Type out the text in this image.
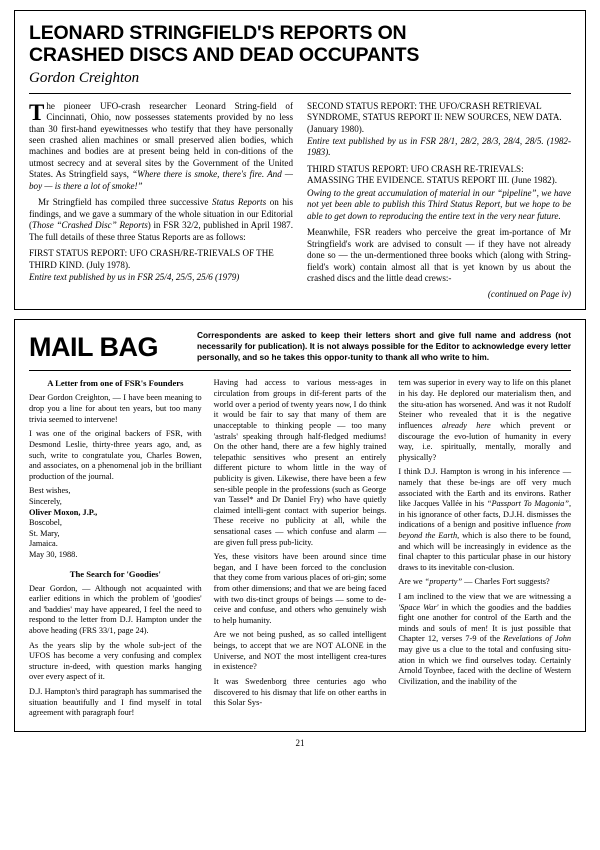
LEONARD STRINGFIELD'S REPORTS ON
CRASHED DISCS AND DEAD OCCUPANTS
Gordon Creighton

The pioneer UFO-crash researcher Leonard String-field of Cincinnati, Ohio, now possesses statements provided by no less than 30 first-hand eyewitnesses who testify that they have personally seen crashed alien machines or small preserved alien bodies, which machines and bodies are at present being held in con-ditions of the utmost secrecy and at several sites by the Government of the United States. As Stringfield says, “Where there is smoke, there's fire. And — boy — is there a lot of smoke!”

Mr Stringfield has compiled three successive Status Reports on his findings, and we gave a summary of the whole situation in our Editorial (Those “Crashed Disc” Reports) in FSR 32/2, published in April 1987. The full details of these three Status Reports are as follows:

FIRST STATUS REPORT: UFO CRASH/RE-TRIEVALS OF THE THIRD KIND. (July 1978).

Entire text published by us in FSR 25/4, 25/5, 25/6 (1979)

SECOND STATUS REPORT: THE UFO/CRASH RETRIEVAL SYNDROME, STATUS REPORT II: NEW SOURCES, NEW DATA. (January 1980).

Entire text published by us in FSR 28/1, 28/2, 28/3, 28/4, 28/5. (1982-1983).

THIRD STATUS REPORT: UFO CRASH RE-TRIEVALS: AMASSING THE EVIDENCE. STATUS REPORT III. (June 1982).

Owing to the great accumulation of material in our “pipeline”, we have not yet been able to publish this Third Status Report, but we hope to be able to get down to reproducing the entire text in the very near future.

Meanwhile, FSR readers who perceive the great im-portance of Mr Stringfield's work are advised to consult — if they have not already done so — the un-dermentioned three books which (along with String-field's work) contain almost all that is yet known by us about the crashed discs and the little dead crews:-

(continued on Page iv)

MAIL BAG	Correspondents are asked to keep their letters short and give full name and address (not necessarily for publication). It is not always possible for the Editor to acknowledge every letter personally, and so he takes this oppor-tunity to thank all who write to him.
A Letter from one of FSR's Founders

Dear Gordon Creighton, — I have been meaning to drop you a line for about ten years, but too many trivia seemed to intervene!

I was one of the original backers of FSR, with Desmond Leslie, thirty-three years ago, and, as such, write to congratulate you, Charles Bowen, and associates, on a phenomenal job in the brilliant production of the journal.

Best wishes,
Sincerely,
Oliver Moxon, J.P.,
Boscobel,
St. Mary,
Jamaica.
May 30, 1988.

The Search for 'Goodies'

Dear Gordon, — Although not acquainted with earlier editions in which the problem of 'goodies' and 'baddies' may have appeared, I feel the need to respond to the letter from D.J. Hampton under the above heading (FRS 33/1, page 24).

As the years slip by the whole sub-ject of the UFOS has become a very confusing and complex structure in-deed, with question marks hanging over every aspect of it.

D.J. Hampton's third paragraph has summarised the situation beautifully and I find myself in total agreement with paragraph four!

Having had access to various mess-ages in circulation from groups in dif-ferent parts of the world over a period of twenty years now, I do think it would be fair to say that many of them are unacceptable to thinking people — too many 'astrals' speaking through half-fledged mediums! On the other hand, there are a few highly trained telepathic sensitives who present an entirely different picture to whom little in the way of publicity is given. Likewise, there have been a few sen-sible people in the professions (such as George van Tassel* and Dr Daniel Fry) who have quietly claimed intelli-gent contact with superior beings. These receive no publicity at all, while the sensational cases — which confuse and alarm — are given full press pub-licity.

Yes, these visitors have been around since time began, and I have been forced to the conclusion that they come from various places of ori-gin; some from other dimensions; and that we are being faced with two dis-tinct groups of beings — some to de-ceive and confuse, and others who genuinely wish to help humanity.

Are we not being pushed, as so called intelligent beings, to accept that we are NOT ALONE in the Universe, and NOT the most intelligent crea-tures in existence?

It was Swedenborg three centuries ago who discovered to his dismay that life on other earths in this Solar Sys-

tem was superior in every way to life on this planet in his day. He deplored our materialism then, and the situ-ation has worsened. And was it not Rudolf Steiner who revealed that it is the negative influences already here which prevent or discourage the evo-lution of humanity in every way, i.e. spiritually, mentally, morally and physically?

I think D.J. Hampton is wrong in his inference — namely that these be-ings are off very much associated with the Earth and its environs. Rather like Jacques Vallée in his “Passport To Magonia”, in his ignorance of other facts, D.J.H. dismisses the indications of a benign and positive influence from beyond the Earth, which is also there to be found, and which will be increasingly in evidence as the final chapter to this particular phase in our history draws to its inevitable con-clusion.

Are we “property” — Charles Fort suggests?

I am inclined to the view that we are witnessing a 'Space War' in which the goodies and the baddies fight one another for control of the Earth and the minds and souls of men! It is just possible that Chapter 12, verses 7-9 of the Revelations of John may give us a clue to the total and confusing situ-ation in which we find ourselves today. Certainly Arnold Toynbee, faced with the decline of Western Civilization, and the inability of the

21
